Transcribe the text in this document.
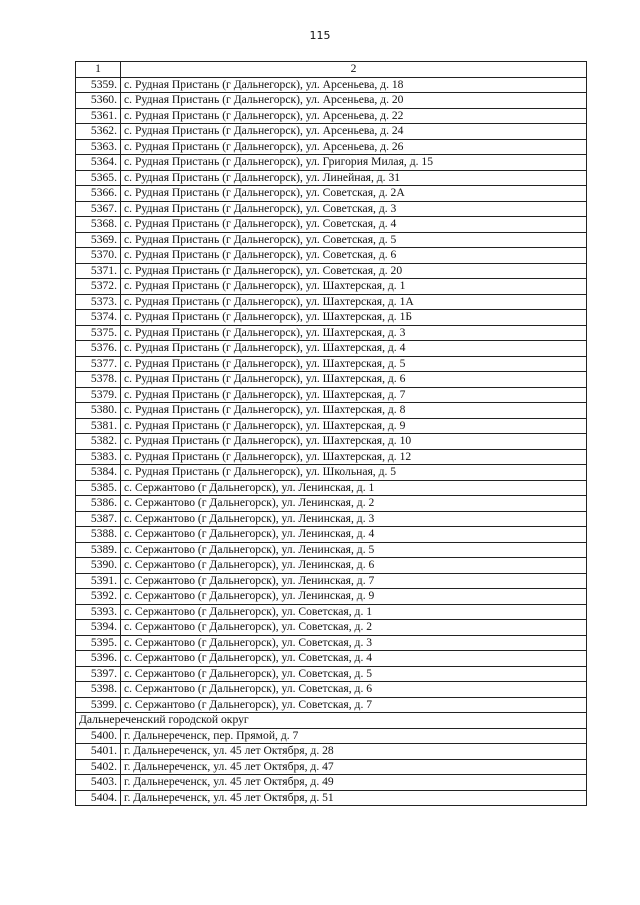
115
1	2
5359.	с. Рудная Пристань (г Дальнегорск), ул. Арсеньева, д. 18
5360.	с. Рудная Пристань (г Дальнегорск), ул. Арсеньева, д. 20
5361.	с. Рудная Пристань (г Дальнегорск), ул. Арсеньева, д. 22
5362.	с. Рудная Пристань (г Дальнегорск), ул. Арсеньева, д. 24
5363.	с. Рудная Пристань (г Дальнегорск), ул. Арсеньева, д. 26
5364.	с. Рудная Пристань (г Дальнегорск), ул. Григория Милая, д. 15
5365.	с. Рудная Пристань (г Дальнегорск), ул. Линейная, д. 31
5366.	с. Рудная Пристань (г Дальнегорск), ул. Советская, д. 2А
5367.	с. Рудная Пристань (г Дальнегорск), ул. Советская, д. 3
5368.	с. Рудная Пристань (г Дальнегорск), ул. Советская, д. 4
5369.	с. Рудная Пристань (г Дальнегорск), ул. Советская, д. 5
5370.	с. Рудная Пристань (г Дальнегорск), ул. Советская, д. 6
5371.	с. Рудная Пристань (г Дальнегорск), ул. Советская, д. 20
5372.	с. Рудная Пристань (г Дальнегорск), ул. Шахтерская, д. 1
5373.	с. Рудная Пристань (г Дальнегорск), ул. Шахтерская, д. 1А
5374.	с. Рудная Пристань (г Дальнегорск), ул. Шахтерская, д. 1Б
5375.	с. Рудная Пристань (г Дальнегорск), ул. Шахтерская, д. 3
5376.	с. Рудная Пристань (г Дальнегорск), ул. Шахтерская, д. 4
5377.	с. Рудная Пристань (г Дальнегорск), ул. Шахтерская, д. 5
5378.	с. Рудная Пристань (г Дальнегорск), ул. Шахтерская, д. 6
5379.	с. Рудная Пристань (г Дальнегорск), ул. Шахтерская, д. 7
5380.	с. Рудная Пристань (г Дальнегорск), ул. Шахтерская, д. 8
5381.	с. Рудная Пристань (г Дальнегорск), ул. Шахтерская, д. 9
5382.	с. Рудная Пристань (г Дальнегорск), ул. Шахтерская, д. 10
5383.	с. Рудная Пристань (г Дальнегорск), ул. Шахтерская, д. 12
5384.	с. Рудная Пристань (г Дальнегорск), ул. Школьная, д. 5
5385.	с. Сержантово (г Дальнегорск), ул. Ленинская, д. 1
5386.	с. Сержантово (г Дальнегорск), ул. Ленинская, д. 2
5387.	с. Сержантово (г Дальнегорск), ул. Ленинская, д. 3
5388.	с. Сержантово (г Дальнегорск), ул. Ленинская, д. 4
5389.	с. Сержантово (г Дальнегорск), ул. Ленинская, д. 5
5390.	с. Сержантово (г Дальнегорск), ул. Ленинская, д. 6
5391.	с. Сержантово (г Дальнегорск), ул. Ленинская, д. 7
5392.	с. Сержантово (г Дальнегорск), ул. Ленинская, д. 9
5393.	с. Сержантово (г Дальнегорск), ул. Советская, д. 1
5394.	с. Сержантово (г Дальнегорск), ул. Советская, д. 2
5395.	с. Сержантово (г Дальнегорск), ул. Советская, д. 3
5396.	с. Сержантово (г Дальнегорск), ул. Советская, д. 4
5397.	с. Сержантово (г Дальнегорск), ул. Советская, д. 5
5398.	с. Сержантово (г Дальнегорск), ул. Советская, д. 6
5399.	с. Сержантово (г Дальнегорск), ул. Советская, д. 7
Дальнереченский городской округ	
5400.	г. Дальнереченск, пер. Прямой, д. 7
5401.	г. Дальнереченск, ул. 45 лет Октября, д. 28
5402.	г. Дальнереченск, ул. 45 лет Октября, д. 47
5403.	г. Дальнереченск, ул. 45 лет Октября, д. 49
5404.	г. Дальнереченск, ул. 45 лет Октября, д. 51
